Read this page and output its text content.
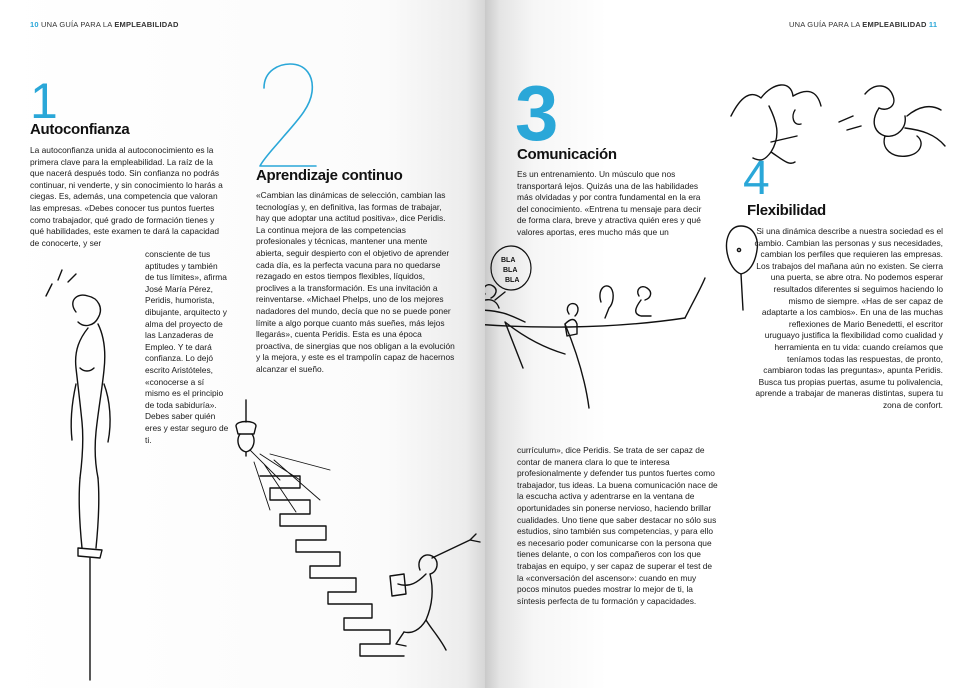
10 UNA GUÍA PARA LA EMPLEABILIDAD
1
Autoconfianza

La autoconfianza unida al autoconocimiento es la primera clave para la empleabilidad. La raíz de la que nacerá después todo. Sin confianza no podrás continuar, ni venderte, y sin conocimiento lo harás a ciegas. Es, además, una competencia que valoran las empresas. «Debes conocer tus puntos fuertes como trabajador, qué grado de formación tienes y qué habilidades, este examen te dará la capacidad de conocerte, y ser

consciente de tus aptitudes y también de tus límites», afirma José María Pérez, Peridis, humorista, dibujante, arquitecto y alma del proyecto de las Lanzaderas de Empleo. Y te dará confianza. Lo dejó escrito Aristóteles, «conocerse a sí mismo es el principio de toda sabiduría». Debes saber quién eres y estar seguro de ti.

Aprendizaje continuo

«Cambian las dinámicas de selección, cambian las tecnologías y, en definitiva, las formas de trabajar, hay que adoptar una actitud positiva», dice Peridis. La continua mejora de las competencias profesionales y técnicas, mantener una mente abierta, seguir despierto con el objetivo de aprender cada día, es la perfecta vacuna para no quedarse rezagado en estos tiempos flexibles, líquidos, proclives a la transformación. Es una invitación a reinventarse. «Michael Phelps, uno de los mejores nadadores del mundo, decía que no se puede poner límite a algo porque cuanto más sueñes, más lejos llegarás», cuenta Peridis. Esta es una época proactiva, de sinergias que nos obligan a la evolución y la mejora, y este es el trampolín capaz de hacernos alcanzar el sueño.

UNA GUÍA PARA LA EMPLEABILIDAD 11
3
Comunicación

Es un entrenamiento. Un músculo que nos transportará lejos. Quizás una de las habilidades más olvidadas y por contra fundamental en la era del conocimiento. «Entrena tu mensaje para decir de forma clara, breve y atractiva quién eres y qué valores aportas, eres mucho más que un

BLA
BLA
BLA

currículum», dice Peridis. Se trata de ser capaz de contar de manera clara lo que te interesa profesionalmente y defender tus puntos fuertes como trabajador, tus ideas. La buena comunicación nace de la escucha activa y adentrarse en la ventana de oportunidades sin ponerse nervioso, haciendo brillar cualidades. Uno tiene que saber destacar no sólo sus estudios, sino también sus competencias, y para ello es necesario poder comunicarse con la persona que tienes delante, o con los compañeros con los que trabajas en equipo, y ser capaz de superar el test de la «conversación del ascensor»: cuando en muy pocos minutos puedes mostrar lo mejor de ti, la síntesis perfecta de tu formación y capacidades.

4
Flexibilidad

Si una dinámica describe a nuestra sociedad es el cambio. Cambian las personas y sus necesidades, cambian los perfiles que requieren las empresas. Los trabajos del mañana aún no existen. Se cierra una puerta, se abre otra. No podemos esperar resultados diferentes si seguimos haciendo lo mismo de siempre. «Has de ser capaz de adaptarte a los cambios». En una de las muchas reflexiones de Mario Benedetti, el escritor uruguayo justifica la flexibilidad como cualidad y herramienta en tu vida: cuando creíamos que teníamos todas las respuestas, de pronto, cambiaron todas las preguntas», apunta Peridis. Busca tus propias puertas, asume tu polivalencia, aprende a trabajar de maneras distintas, supera tu zona de confort.
